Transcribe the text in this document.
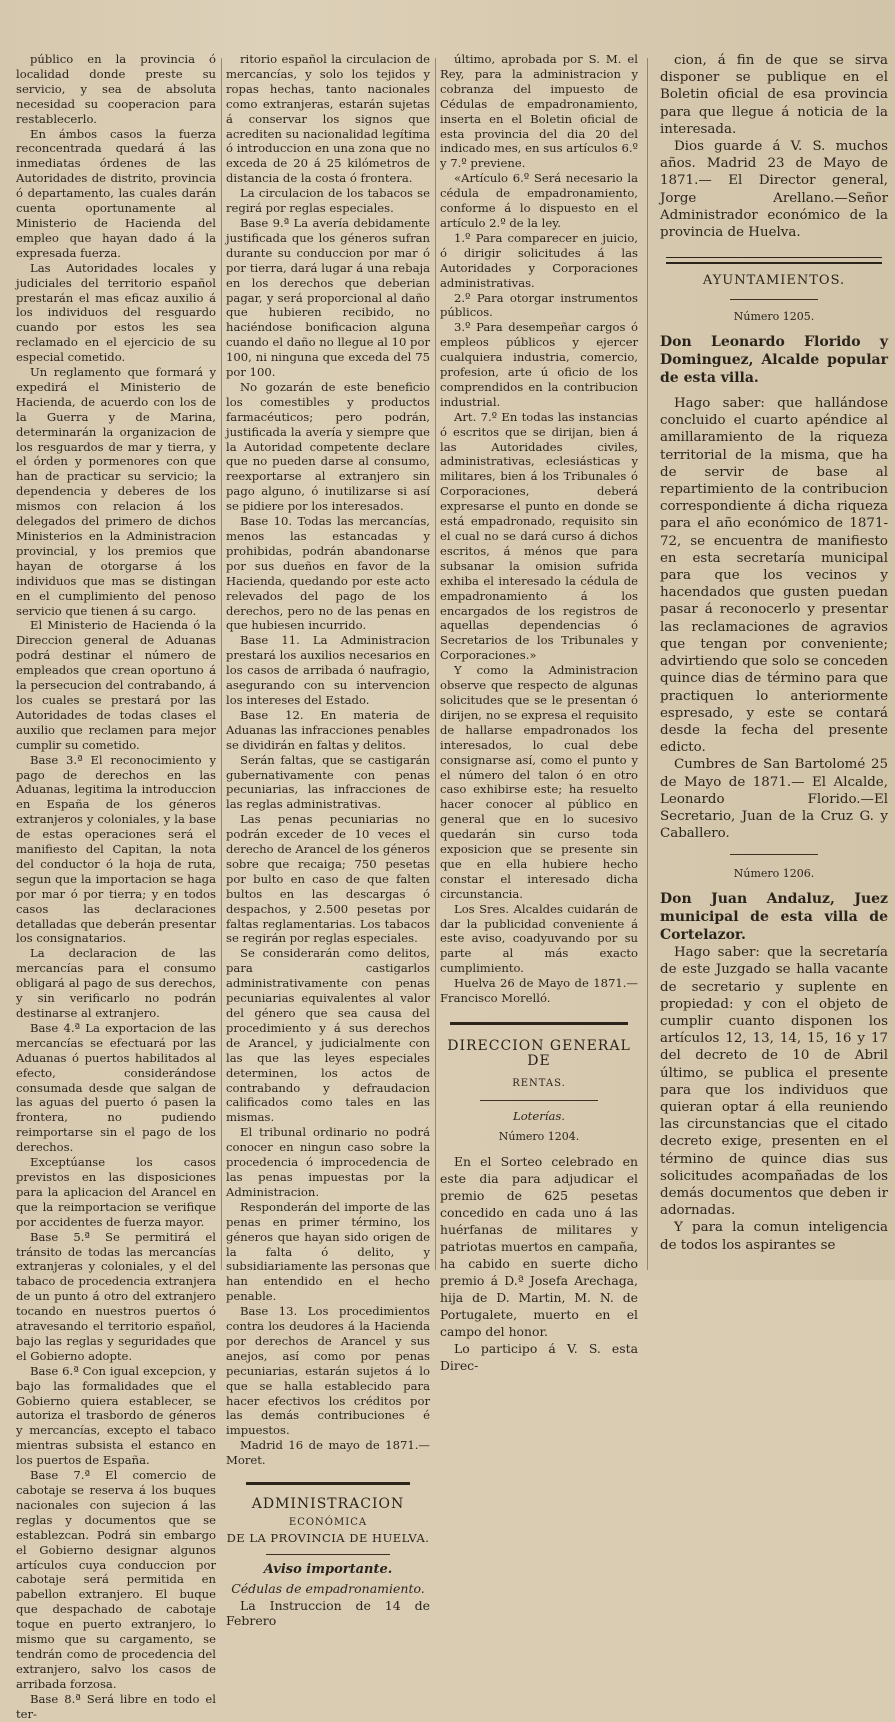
público en la provincia ó localidad donde preste su servicio, y sea de absoluta necesidad su cooperacion para restablecerlo.

En ámbos casos la fuerza reconcentrada quedará á las inmediatas órdenes de las Autoridades de distrito, provincia ó departamento, las cuales darán cuenta oportunamente al Ministerio de Hacienda del empleo que hayan dado á la expresada fuerza.

Las Autoridades locales y judiciales del territorio español prestarán el mas eficaz auxilio á los individuos del resguardo cuando por estos les sea reclamado en el ejercicio de su especial cometido.

Un reglamento que formará y expedirá el Ministerio de Hacienda, de acuerdo con los de la Guerra y de Marina, determinarán la organizacion de los resguardos de mar y tierra, y el órden y pormenores con que han de practicar su servicio; la dependencia y deberes de los mismos con relacion á los delegados del primero de dichos Ministerios en la Administracion provincial, y los premios que hayan de otorgarse á los individuos que mas se distingan en el cumplimiento del penoso servicio que tienen á su cargo.

El Ministerio de Hacienda ó la Direccion general de Aduanas podrá destinar el número de empleados que crean oportuno á la persecucion del contrabando, á los cuales se prestará por las Autoridades de todas clases el auxilio que reclamen para mejor cumplir su cometido.

Base 3.ª El reconocimiento y pago de derechos en las Aduanas, legitima la introduccion en España de los géneros extranjeros y coloniales, y la base de estas operaciones será el manifiesto del Capitan, la nota del conductor ó la hoja de ruta, segun que la importacion se haga por mar ó por tierra; y en todos casos las declaraciones detalladas que deberán presentar los consignatarios.

La declaracion de las mercancías para el consumo obligará al pago de sus derechos, y sin verificarlo no podrán destinarse al extranjero.

Base 4.ª La exportacion de las mercancías se efectuará por las Aduanas ó puertos habilitados al efecto, considerándose consumada desde que salgan de las aguas del puerto ó pasen la frontera, no pudiendo reimportarse sin el pago de los derechos.

Exceptúanse los casos previstos en las disposiciones para la aplicacion del Arancel en que la reimportacion se verifique por accidentes de fuerza mayor.

Base 5.ª Se permitirá el tránsito de todas las mercancías extranjeras y coloniales, y el del tabaco de procedencia extranjera de un punto á otro del extranjero tocando en nuestros puertos ó atravesando el territorio español, bajo las reglas y seguridades que el Gobierno adopte.

Base 6.ª Con igual excepcion, y bajo las formalidades que el Gobierno quiera establecer, se autoriza el trasbordo de géneros y mercancías, excepto el tabaco mientras subsista el estanco en los puertos de España.

Base 7.ª El comercio de cabotaje se reserva á los buques nacionales con sujecion á las reglas y documentos que se establezcan. Podrá sin embargo el Gobierno designar algunos artículos cuya conduccion por cabotaje será permitida en pabellon extranjero. El buque que despachado de cabotaje toque en puerto extranjero, lo mismo que su cargamento, se tendrán como de procedencia del extranjero, salvo los casos de arribada forzosa.

Base 8.ª Será libre en todo el ter-

ritorio español la circulacion de mercancías, y solo los tejidos y ropas hechas, tanto nacionales como extranjeras, estarán sujetas á conservar los signos que acrediten su nacionalidad legítima ó introduccion en una zona que no exceda de 20 á 25 kilómetros de distancia de la costa ó frontera.

La circulacion de los tabacos se regirá por reglas especiales.

Base 9.ª La avería debidamente justificada que los géneros sufran durante su conduccion por mar ó por tierra, dará lugar á una rebaja en los derechos que deberian pagar, y será proporcional al daño que hubieren recibido, no haciéndose bonificacion alguna cuando el daño no llegue al 10 por 100, ni ninguna que exceda del 75 por 100.

No gozarán de este beneficio los comestibles y productos farmacéuticos; pero podrán, justificada la avería y siempre que la Autoridad competente declare que no pueden darse al consumo, reexportarse al extranjero sin pago alguno, ó inutilizarse si así se pidiere por los interesados.

Base 10. Todas las mercancías, menos las estancadas y prohibidas, podrán abandonarse por sus dueños en favor de la Hacienda, quedando por este acto relevados del pago de los derechos, pero no de las penas en que hubiesen incurrido.

Base 11. La Administracion prestará los auxilios necesarios en los casos de arribada ó naufragio, asegurando con su intervencion los intereses del Estado.

Base 12. En materia de Aduanas las infracciones penables se dividirán en faltas y delitos.

Serán faltas, que se castigarán gubernativamente con penas pecuniarias, las infracciones de las reglas administrativas.

Las penas pecuniarias no podrán exceder de 10 veces el derecho de Arancel de los géneros sobre que recaiga; 750 pesetas por bulto en caso de que falten bultos en las descargas ó despachos, y 2.500 pesetas por faltas reglamentarias. Los tabacos se regirán por reglas especiales.

Se considerarán como delitos, para castigarlos administrativamente con penas pecuniarias equivalentes al valor del género que sea causa del procedimiento y á sus derechos de Arancel, y judicialmente con las que las leyes especiales determinen, los actos de contrabando y defraudacion calificados como tales en las mismas.

El tribunal ordinario no podrá conocer en ningun caso sobre la procedencia ó improcedencia de las penas impuestas por la Administracion.

Responderán del importe de las penas en primer término, los géneros que hayan sido origen de la falta ó delito, y subsidiariamente las personas que han entendido en el hecho penable.

Base 13. Los procedimientos contra los deudores á la Hacienda por derechos de Arancel y sus anejos, así como por penas pecuniarias, estarán sujetos á lo que se halla establecido para hacer efectivos los créditos por las demás contribuciones é impuestos.

Madrid 16 de mayo de 1871.—Moret.

ADMINISTRACION
ECONÓMICA
DE LA PROVINCIA DE HUELVA.
Aviso importante.
Cédulas de empadronamiento.

La Instruccion de 14 de Febrero

último, aprobada por S. M. el Rey, para la administracion y cobranza del impuesto de Cédulas de empadronamiento, inserta en el Boletin oficial de esta provincia del dia 20 del indicado mes, en sus artículos 6.º y 7.º previene.

«Artículo 6.º Será necesario la cédula de empadronamiento, conforme á lo dispuesto en el artículo 2.º de la ley.

1.º Para comparecer en juicio, ó dirigir solicitudes á las Autoridades y Corporaciones administrativas.

2.º Para otorgar instrumentos públicos.

3.º Para desempeñar cargos ó empleos públicos y ejercer cualquiera industria, comercio, profesion, arte ú oficio de los comprendidos en la contribucion industrial.

Art. 7.º En todas las instancias ó escritos que se dirijan, bien á las Autoridades civiles, administrativas, eclesiásticas y militares, bien á los Tribunales ó Corporaciones, deberá expresarse el punto en donde se está empadronado, requisito sin el cual no se dará curso á dichos escritos, á ménos que para subsanar la omision sufrida exhiba el interesado la cédula de empadronamiento á los encargados de los registros de aquellas dependencias ó Secretarios de los Tribunales y Corporaciones.»

Y como la Administracion observe que respecto de algunas solicitudes que se le presentan ó dirijen, no se expresa el requisito de hallarse empadronados los interesados, lo cual debe consignarse así, como el punto y el número del talon ó en otro caso exhibirse este; ha resuelto hacer conocer al público en general que en lo sucesivo quedarán sin curso toda exposicion que se presente sin que en ella hubiere hecho constar el interesado dicha circunstancia.

Los Sres. Alcaldes cuidarán de dar la publicidad conveniente á este aviso, coadyuvando por su parte al más exacto cumplimiento.

Huelva 26 de Mayo de 1871.— Francisco Morelló.

DIRECCION GENERAL DE
RENTAS.
Loterías.
Número 1204.

En el Sorteo celebrado en este dia para adjudicar el premio de 625 pesetas concedido en cada uno á las huérfanas de militares y patriotas muertos en campaña, ha cabido en suerte dicho premio á D.ª Josefa Arechaga, hija de D. Martin, M. N. de Portugalete, muerto en el campo del honor.

Lo participo á V. S. esta Direc-

cion, á fin de que se sirva disponer se publique en el Boletin oficial de esa provincia para que llegue á noticia de la interesada.

Dios guarde á V. S. muchos años. Madrid 23 de Mayo de 1871.— El Director general, Jorge Arellano.—Señor Administrador económico de la provincia de Huelva.

AYUNTAMIENTOS.
Número 1205.

Don Leonardo Florido y Dominguez, Alcalde popular de esta villa.

Hago saber: que hallándose concluido el cuarto apéndice al amillaramiento de la riqueza territorial de la misma, que ha de servir de base al repartimiento de la contribucion correspondiente á dicha riqueza para el año económico de 1871-72, se encuentra de manifiesto en esta secretaría municipal para que los vecinos y hacendados que gusten puedan pasar á reconocerlo y presentar las reclamaciones de agravios que tengan por conveniente; advirtiendo que solo se conceden quince dias de término para que practiquen lo anteriormente espresado, y este se contará desde la fecha del presente edicto.

Cumbres de San Bartolomé 25 de Mayo de 1871.— El Alcalde, Leonardo Florido.—El Secretario, Juan de la Cruz G. y Caballero.

Número 1206.

Don Juan Andaluz, Juez municipal de esta villa de Cortelazor.

Hago saber: que la secretaría de este Juzgado se halla vacante de secretario y suplente en propiedad: y con el objeto de cumplir cuanto disponen los artículos 12, 13, 14, 15, 16 y 17 del decreto de 10 de Abril último, se publica el presente para que los individuos que quieran optar á ella reuniendo las circunstancias que el citado decreto exige, presenten en el término de quince dias sus solicitudes acompañadas de los demás documentos que deben ir adornadas.

Y para la comun inteligencia de todos los aspirantes se
